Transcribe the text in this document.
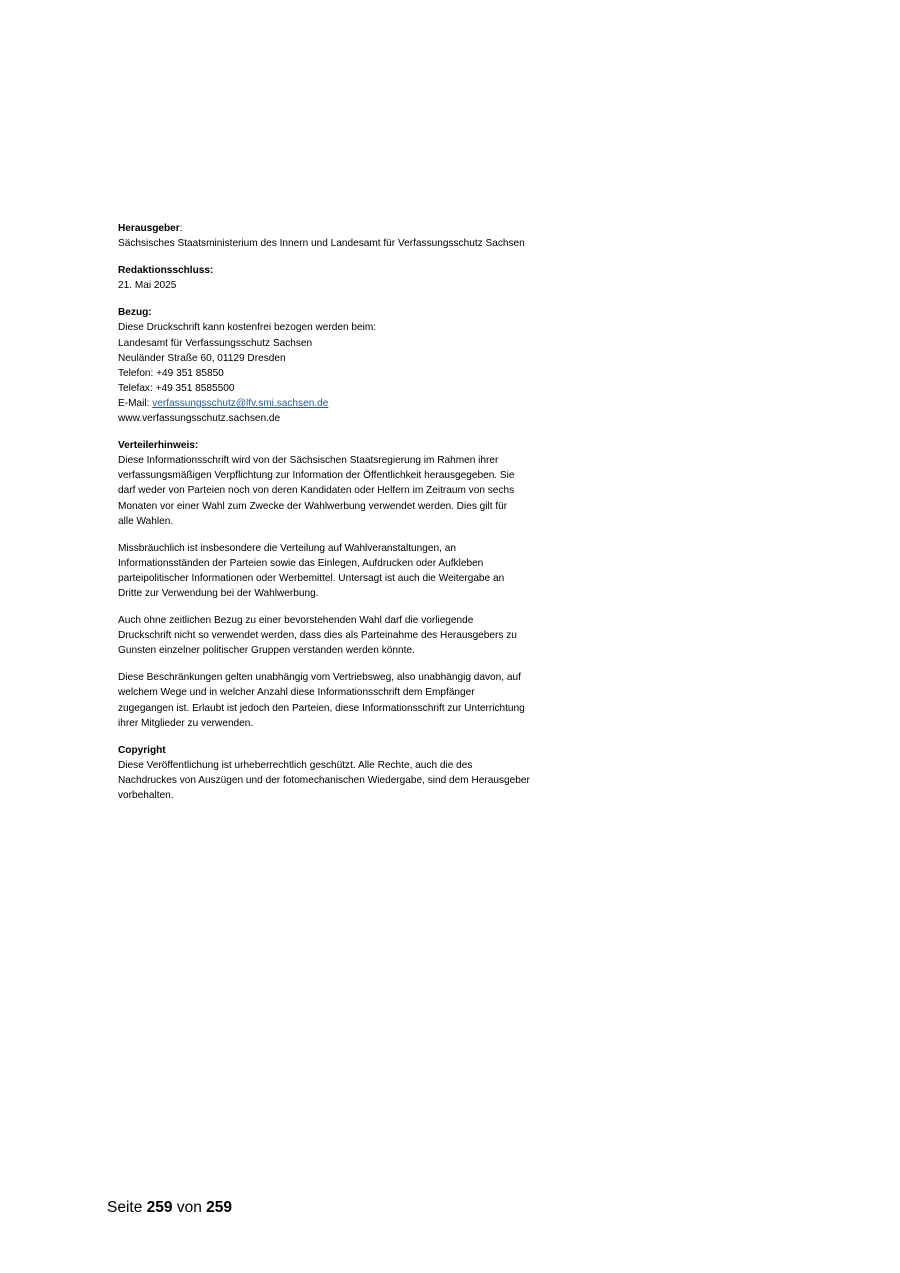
Herausgeber:

Sächsisches Staatsministerium des Innern und Landesamt für Verfassungsschutz Sachsen

Redaktionsschluss:

21. Mai 2025

Bezug:

Diese Druckschrift kann kostenfrei bezogen werden beim:

Landesamt für Verfassungsschutz Sachsen

Neuländer Straße 60, 01129 Dresden

Telefon: +49 351 85850

Telefax: +49 351 8585500

E-Mail: verfassungsschutz@lfv.smi.sachsen.de

www.verfassungsschutz.sachsen.de

Verteilerhinweis:

Diese Informationsschrift wird von der Sächsischen Staatsregierung im Rahmen ihrer
verfassungsmäßigen Verpflichtung zur Information der Öffentlichkeit herausgegeben. Sie
darf weder von Parteien noch von deren Kandidaten oder Helfern im Zeitraum von sechs
Monaten vor einer Wahl zum Zwecke der Wahlwerbung verwendet werden. Dies gilt für
alle Wahlen.
Missbräuchlich ist insbesondere die Verteilung auf Wahlveranstaltungen, an
Informationsständen der Parteien sowie das Einlegen, Aufdrucken oder Aufkleben
parteipolitischer Informationen oder Werbemittel. Untersagt ist auch die Weitergabe an
Dritte zur Verwendung bei der Wahlwerbung.
Auch ohne zeitlichen Bezug zu einer bevorstehenden Wahl darf die vorliegende
Druckschrift nicht so verwendet werden, dass dies als Parteinahme des Herausgebers zu
Gunsten einzelner politischer Gruppen verstanden werden könnte.
Diese Beschränkungen gelten unabhängig vom Vertriebsweg, also unabhängig davon, auf
welchem Wege und in welcher Anzahl diese Informationsschrift dem Empfänger
zugegangen ist. Erlaubt ist jedoch den Parteien, diese Informationsschrift zur Unterrichtung
ihrer Mitglieder zu verwenden.

Copyright

Diese Veröffentlichung ist urheberrechtlich geschützt. Alle Rechte, auch die des
Nachdruckes von Auszügen und der fotomechanischen Wiedergabe, sind dem Herausgeber
vorbehalten.
Seite 259 von 259
